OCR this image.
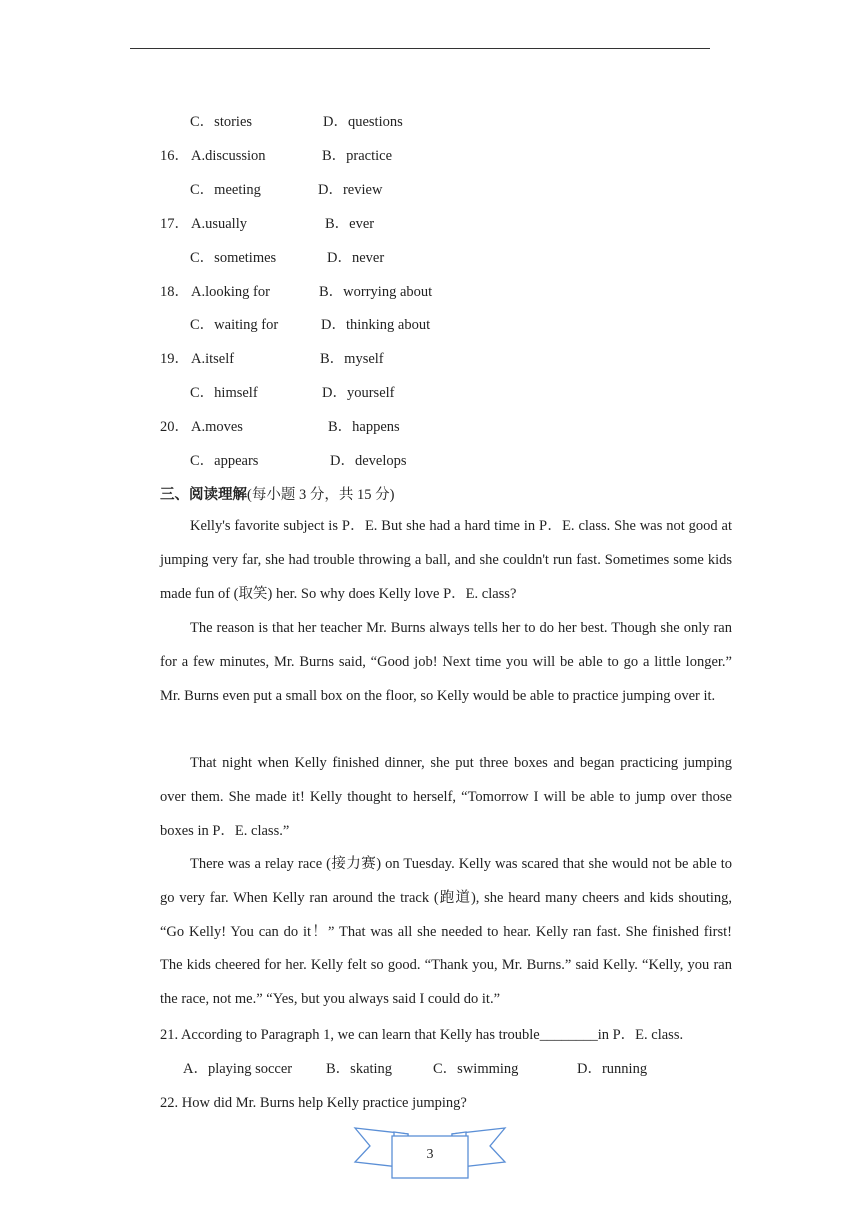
C．stories	D．questions
16． A.discussion	B．practice
C．meeting	D．review
17． A.usually	B．ever
C．sometimes	D．never
18． A.looking for	B．worrying about
C．waiting for	D．thinking about
19． A.itself	B．myself
C．himself	D．yourself
20． A.moves	B．happens
C．appears	D．develops
三、阅读理解(每小题 3 分，共 15 分)

Kelly's favorite subject is P．E. But she had a hard time in P．E. class. She was not good at jumping very far, she had trouble throwing a ball, and she couldn't run fast. Sometimes some kids made fun of (取笑) her. So why does Kelly love P．E. class?

The reason is that her teacher Mr. Burns always tells her to do her best. Though she only ran for a few minutes, Mr. Burns said, “Good job! Next time you will be able to go a little longer.” Mr. Burns even put a small box on the floor, so Kelly would be able to practice jumping over it.

That night when Kelly finished dinner, she put three boxes and began practicing jumping over them. She made it! Kelly thought to herself, “Tomorrow I will be able to jump over those boxes in P．E. class.”

There was a relay race (接力赛) on Tuesday. Kelly was scared that she would not be able to go very far. When Kelly ran around the track (跑道), she heard many cheers and kids shouting, “Go Kelly! You can do it！” That was all she needed to hear. Kelly ran fast. She finished first! The kids cheered for her. Kelly felt so good. “Thank you, Mr. Burns.” said Kelly. “Kelly, you ran the race, not me.” “Yes, but you always said I could do it.”

21. According to Paragraph 1, we can learn that Kelly has trouble________in P．E. class.
A．playing soccer B．skating	C．swimming	D．running
22. How did Mr. Burns help Kelly practice jumping?
3
